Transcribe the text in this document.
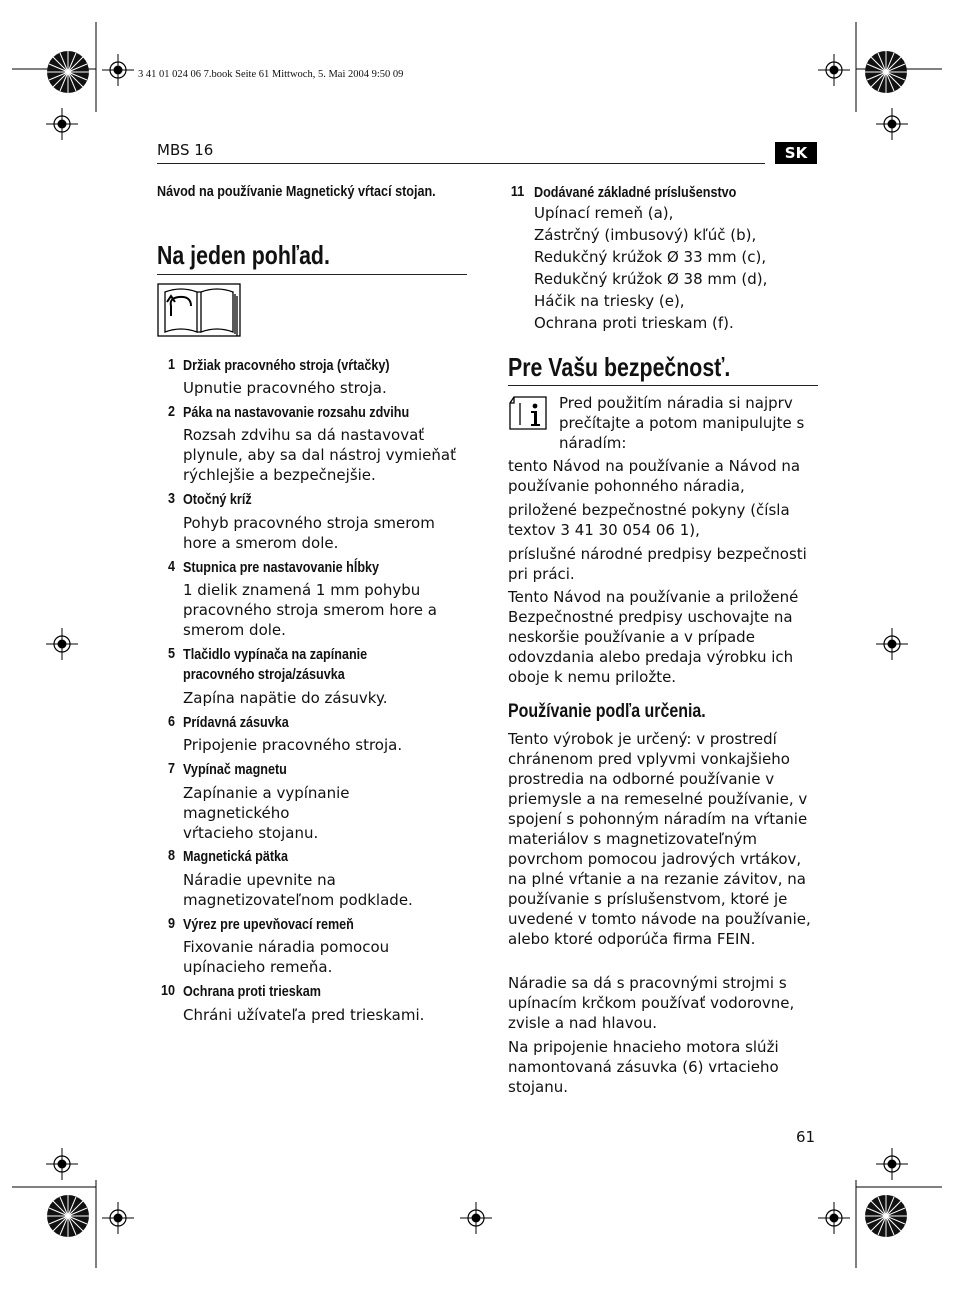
3 41 01 024 06 7.book Seite 61 Mittwoch, 5. Mai 2004 9:50 09
MBS 16	SK
Návod na používanie Magnetický vŕtací stojan.
Na jeden pohľad.
1 Držiak pracovného stroja (vŕtačky)
Upnutie pracovného stroja.
2 Páka na nastavovanie rozsahu zdvihu
Rozsah zdvihu sa dá nastavovať plynule, aby sa dal nástroj vymieňať rýchlejšie a bezpečnejšie.
3 Otočný kríž
Pohyb pracovného stroja smerom hore a smerom dole.
4 Stupnica pre nastavovanie hĺbky
1 dielik znamená 1 mm pohybu pracovného stroja smerom hore a smerom dole.
5 Tlačidlo vypínača na zapínanie pracovného stroja/zásuvka
Zapína napätie do zásuvky.
6 Prídavná zásuvka
Pripojenie pracovného stroja.
7 Vypínač magnetu
Zapínanie a vypínanie magnetického vŕtacieho stojanu.
8 Magnetická pätka
Náradie upevnite na magnetizovateľnom podklade.
9 Výrez pre upevňovací remeň
Fixovanie náradia pomocou upínacieho remeňa.
10 Ochrana proti trieskam
Chráni užívateľa pred trieskami.
11 Dodávané základné príslušenstvo
Upínací remeň (a),
Zástrčný (imbusový) kľúč (b),
Redukčný krúžok Ø 33 mm (c),
Redukčný krúžok Ø 38 mm (d),
Háčik na triesky (e),
Ochrana proti trieskam (f).
Pre Vašu bezpečnosť.
Pred použitím náradia si najprv prečítajte a potom manipulujte s náradím:
tento Návod na používanie a Návod na používanie pohonného náradia,
priložené bezpečnostné pokyny (čísla textov 3 41 30 054 06 1),
príslušné národné predpisy bezpečnosti pri práci.
Tento Návod na používanie a priložené Bezpečnostné predpisy uschovajte na neskoršie používanie a v prípade odovzdania alebo predaja výrobku ich oboje k nemu priložte.
Používanie podľa určenia.
Tento výrobok je určený: v prostredí chránenom pred vplyvmi vonkajšieho prostredia na odborné používanie v priemysle a na remeselné používanie, v spojení s pohonným náradím na vŕtanie materiálov s magnetizovateľným povrchom pomocou jadrových vrtákov, na plné vŕtanie a na rezanie závitov, na používanie s príslušenstvom, ktoré je uvedené v tomto návode na používanie, alebo ktoré odporúča firma FEIN.
Náradie sa dá s pracovnými strojmi s upínacím krčkom používať vodorovne, zvisle a nad hlavou.
Na pripojenie hnacieho motora slúži namontovaná zásuvka (6) vrtacieho stojanu.
61
